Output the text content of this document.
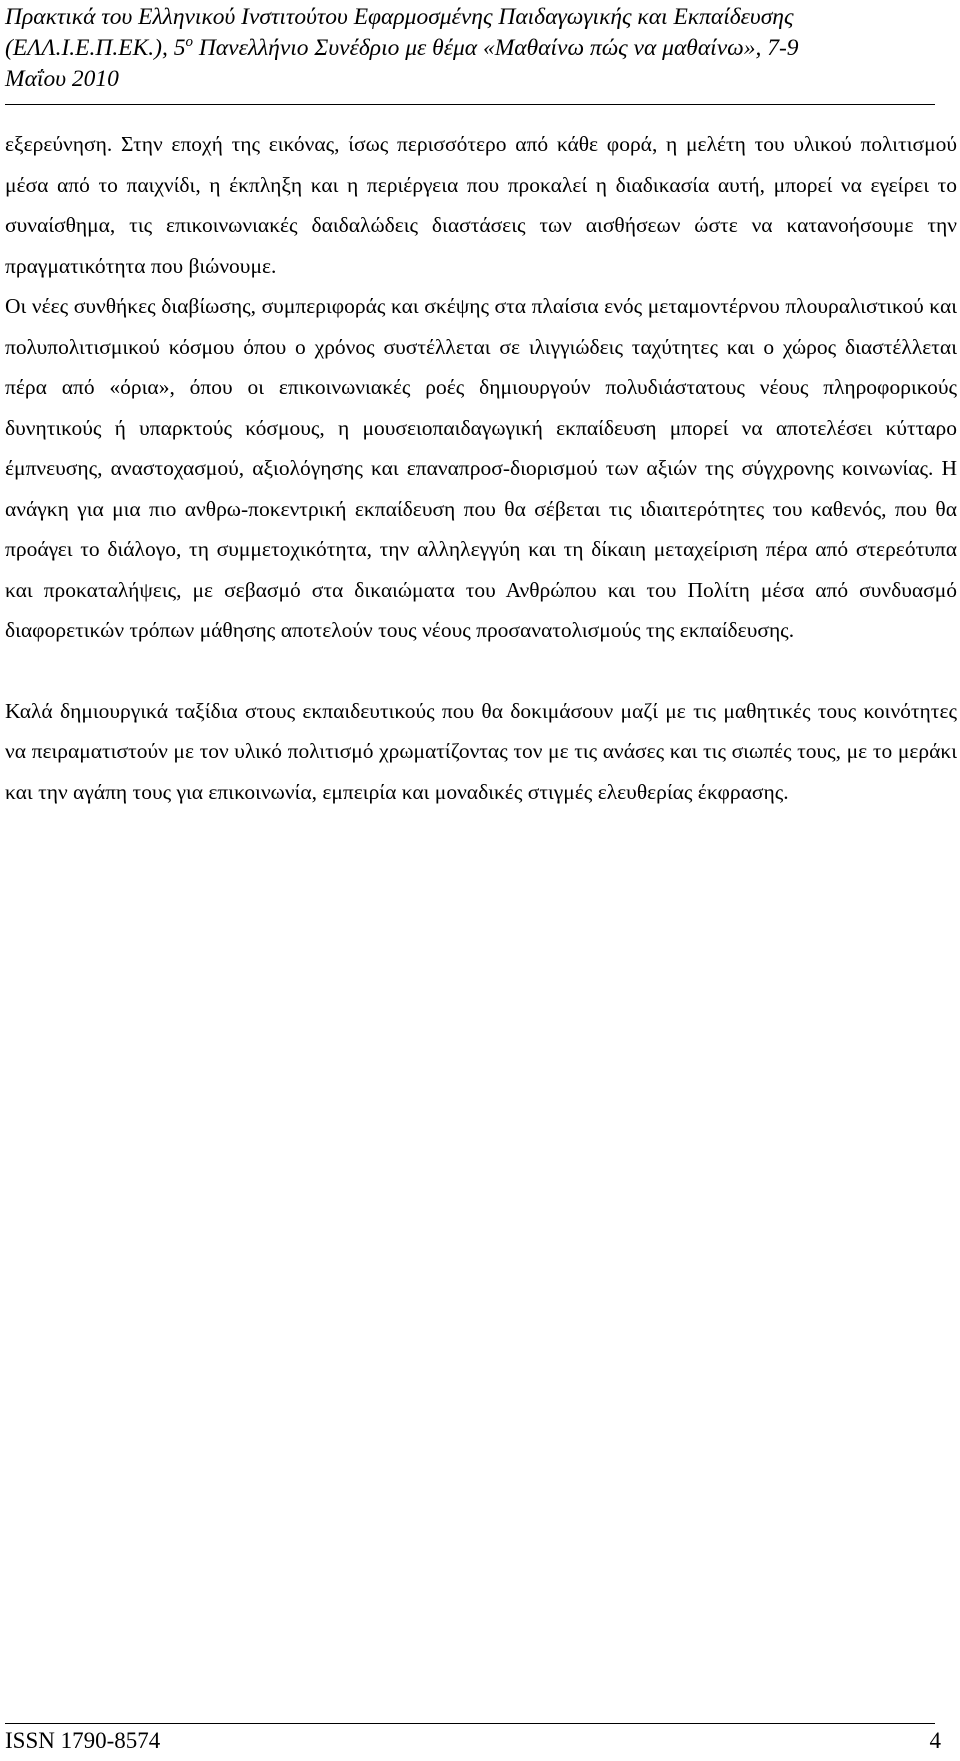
Πρακτικά του Ελληνικού Ινστιτούτου Εφαρμοσμένης Παιδαγωγικής και Εκπαίδευσης
(ΕΛΛ.Ι.Ε.Π.ΕΚ.), $5^o$ Πανελλήνιο Συνέδριο με θέμα «Μαθαίνω πώς να μαθαίνω», 7-9
Μαΐου 2010

εξερεύνηση. Στην εποχή της εικόνας, ίσως περισσότερο από κάθε φορά, η μελέτη του υλικού πολιτισμού μέσα από το παιχνίδι, η έκπληξη και η περιέργεια που προκαλεί η διαδικασία αυτή, μπορεί να εγείρει το συναίσθημα, τις επικοινωνιακές δαιδαλώδεις διαστάσεις των αισθήσεων ώστε να κατανοήσουμε την πραγματικότητα που βιώνουμε.

Οι νέες συνθήκες διαβίωσης, συμπεριφοράς και σκέψης στα πλαίσια ενός μεταμοντέρνου πλουραλιστικού και πολυπολιτισμικού κόσμου όπου ο χρόνος συστέλλεται σε ιλιγγιώδεις ταχύτητες και ο χώρος διαστέλλεται πέρα από «όρια», όπου οι επικοινωνιακές ροές δημιουργούν πολυδιάστατους νέους πληροφορικούς δυνητικούς ή υπαρκτούς κόσμους, η μουσειοπαιδαγωγική εκπαίδευση μπορεί να αποτελέσει κύτταρο έμπνευσης, αναστοχασμού, αξιολόγησης και επαναπροσ-διορισμού των αξιών της σύγχρονης κοινωνίας. Η ανάγκη για μια πιο ανθρω-ποκεντρική εκπαίδευση που θα σέβεται τις ιδιαιτερότητες του καθενός, που θα προάγει το διάλογο, τη συμμετοχικότητα, την αλληλεγγύη και τη δίκαιη μεταχείριση πέρα από στερεότυπα και προκαταλήψεις, με σεβασμό στα δικαιώματα του Ανθρώπου και του Πολίτη μέσα από συνδυασμό διαφορετικών τρόπων μάθησης αποτελούν τους νέους προσανατολισμούς της εκπαίδευσης.

Καλά δημιουργικά ταξίδια στους εκπαιδευτικούς που θα δοκιμάσουν μαζί με τις μαθητικές τους κοινότητες να πειραματιστούν με τον υλικό πολιτισμό χρωματίζοντας τον με τις ανάσες και τις σιωπές τους, με το μεράκι και την αγάπη τους για επικοινωνία, εμπειρία και μοναδικές στιγμές ελευθερίας έκφρασης.

ISSN 1790-8574	4
